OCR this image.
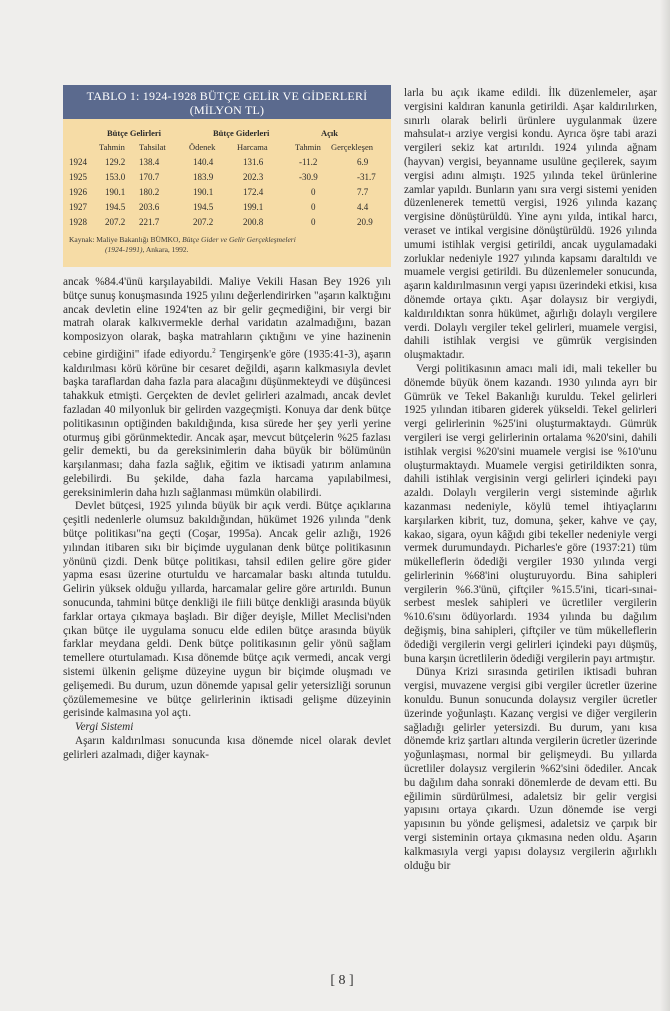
TABLO 1: 1924-1928 BÜTÇE GELİR VE GİDERLERİ
(MİLYON TL)
Bütçe Gelirleri	Bütçe Giderleri	Açık
Tahmin Tahsilat	Ödenek	Harcama	Tahmin Gerçekleşen
1924 129.2 138.4	140.4	131.6	-11.2	6.9
1925 153.0 170.7	183.9	202.3	-30.9	-31.7
1926 190.1 180.2	190.1	172.4	0	7.7
1927 194.5 203.6	194.5	199.1	0	4.4
1928 207.2 221.7	207.2	200.8	0	20.9
Kaynak: Maliye Bakanlığı BÜMKO, Bütçe Gider ve Gelir Gerçekleşmeleri
(1924-1991), Ankara, 1992.

ancak %84.4'ünü karşılayabildi. Maliye Vekili Hasan Bey 1926 yılı bütçe sunuş konuşmasında 1925 yılını değerlendirirken "aşarın kalktığını ancak devletin eline 1924'ten az bir gelir geçmediğini, bir vergi bir matrah olarak kalkıvermekle derhal varidatın azalmadığını, bazan komposizyon olarak, başka matrahların çıktığını ve yine hazinenin cebine girdiğini" ifade ediyordu.$^2$ Tengirşenk'e göre (1935:41-3), aşarın kaldırılması körü körüne bir cesaret değildi, aşarın kalkmasıyla devlet başka taraflardan daha fazla para alacağını düşünmekteydi ve düşüncesi tahakkuk etmişti. Gerçekten de devlet gelirleri azalmadı, ancak devlet fazladan 40 milyonluk bir gelirden vazgeçmişti. Konuya dar denk bütçe politikasının optiğinden bakıldığında, kısa sürede her şey yerli yerine oturmuş gibi görünmektedir. Ancak aşar, mevcut bütçelerin %25 fazlası gelir demekti, bu da gereksinimlerin daha büyük bir bölümünün karşılanması; daha fazla sağlık, eğitim ve iktisadi yatırım anlamına gelebilirdi. Bu şekilde, daha fazla harcama yapılabilmesi, gereksinimlerin daha hızlı sağlanması mümkün olabilirdi.

Devlet bütçesi, 1925 yılında büyük bir açık verdi. Bütçe açıklarına çeşitli nedenlerle olumsuz bakıldığından, hükümet 1926 yılında "denk bütçe politikası"na geçti (Coşar, 1995a). Ancak gelir azlığı, 1926 yılından itibaren sıkı bir biçimde uygulanan denk bütçe politikasının yönünü çizdi. Denk bütçe politikası, tahsil edilen gelire göre gider yapma esası üzerine oturtuldu ve harcamalar baskı altında tutuldu. Gelirin yüksek olduğu yıllarda, harcamalar gelire göre artırıldı. Bunun sonucunda, tahmini bütçe denkliği ile fiili bütçe denkliği arasında büyük farklar ortaya çıkmaya başladı. Bir diğer deyişle, Millet Meclisi'nden çıkan bütçe ile uygulama sonucu elde edilen bütçe arasında büyük farklar meydana geldi. Denk bütçe politikasının gelir yönü sağlam temellere oturtulamadı. Kısa dönemde bütçe açık vermedi, ancak vergi sistemi ülkenin gelişme düzeyine uygun bir biçimde oluşmadı ve gelişemedi. Bu durum, uzun dönemde yapısal gelir yetersizliği sorunun çözülememesine ve bütçe gelirlerinin iktisadi gelişme düzeyinin gerisinde kalmasına yol açtı.

Vergi Sistemi

Aşarın kaldırılması sonucunda kısa dönemde nicel olarak devlet gelirleri azalmadı, diğer kaynak-

larla bu açık ikame edildi. İlk düzenlemeler, aşar vergisini kaldıran kanunla getirildi. Aşar kaldırılırken, sınırlı olarak belirli ürünlere uygulanmak üzere mahsulat-ı arziye vergisi kondu. Ayrıca öşre tabi arazi vergileri sekiz kat artırıldı. 1924 yılında ağnam (hayvan) vergisi, beyanname usulüne geçilerek, sayım vergisi adını almıştı. 1925 yılında tekel ürünlerine zamlar yapıldı. Bunların yanı sıra vergi sistemi yeniden düzenlenerek temettü vergisi, 1926 yılında kazanç vergisine dönüştürüldü. Yine aynı yılda, intikal harcı, veraset ve intikal vergisine dönüştürüldü. 1926 yılında umumi istihlak vergisi getirildi, ancak uygulamadaki zorluklar nedeniyle 1927 yılında kapsamı daraltıldı ve muamele vergisi getirildi. Bu düzenlemeler sonucunda, aşarın kaldırılmasının vergi yapısı üzerindeki etkisi, kısa dönemde ortaya çıktı. Aşar dolaysız bir vergiydi, kaldırıldıktan sonra hükümet, ağırlığı dolaylı vergilere verdi. Dolaylı vergiler tekel gelirleri, muamele vergisi, dahili istihlak vergisi ve gümrük vergisinden oluşmaktadır.

Vergi politikasının amacı mali idi, mali tekeller bu dönemde büyük önem kazandı. 1930 yılında ayrı bir Gümrük ve Tekel Bakanlığı kuruldu. Tekel gelirleri 1925 yılından itibaren giderek yükseldi. Tekel gelirleri vergi gelirlerinin %25'ini oluşturmaktaydı. Gümrük vergileri ise vergi gelirlerinin ortalama %20'sini, dahili istihlak vergisi %20'sini muamele vergisi ise %10'unu oluşturmaktaydı. Muamele vergisi getirildikten sonra, dahili istihlak vergisinin vergi gelirleri içindeki payı azaldı. Dolaylı vergilerin vergi sisteminde ağırlık kazanması nedeniyle, köylü temel ihtiyaçlarını karşılarken kibrit, tuz, domuna, şeker, kahve ve çay, kakao, sigara, oyun kâğıdı gibi tekeller nedeniyle vergi vermek durumundaydı. Picharles'e göre (1937:21) tüm mükelleflerin ödediği vergiler 1930 yılında vergi gelirlerinin %68'ini oluşturuyordu. Bina sahipleri vergilerin %6.3'ünü, çiftçiler %15.5'ini, ticari-sınai-serbest meslek sahipleri ve ücretliler vergilerin %10.6'sını ödüyorlardı. 1934 yılında bu dağılım değişmiş, bina sahipleri, çiftçiler ve tüm mükelleflerin ödediği vergilerin vergi gelirleri içindeki payı düşmüş, buna karşın ücretlilerin ödediği vergilerin payı artmıştır.

Dünya Krizi sırasında getirilen iktisadi buhran vergisi, muvazene vergisi gibi vergiler ücretler üzerine konuldu. Bunun sonucunda dolaysız vergiler ücretler üzerinde yoğunlaştı. Kazanç vergisi ve diğer vergilerin sağladığı gelirler yetersizdi. Bu durum, yanı kısa dönemde kriz şartları altında vergilerin ücretler üzerinde yoğunlaşması, normal bir gelişmeydi. Bu yıllarda ücretliler dolaysız vergilerin %62'sini ödediler. Ancak bu dağılım daha sonraki dönemlerde de devam etti. Bu eğilimin sürdürülmesi, adaletsiz bir gelir vergisi yapısını ortaya çıkardı. Uzun dönemde ise vergi yapısının bu yönde gelişmesi, adaletsiz ve çarpık bir vergi sisteminin ortaya çıkmasına neden oldu. Aşarın kalkmasıyla vergi yapısı dolaysız vergilerin ağırlıklı olduğu bir

[ 8 ]
